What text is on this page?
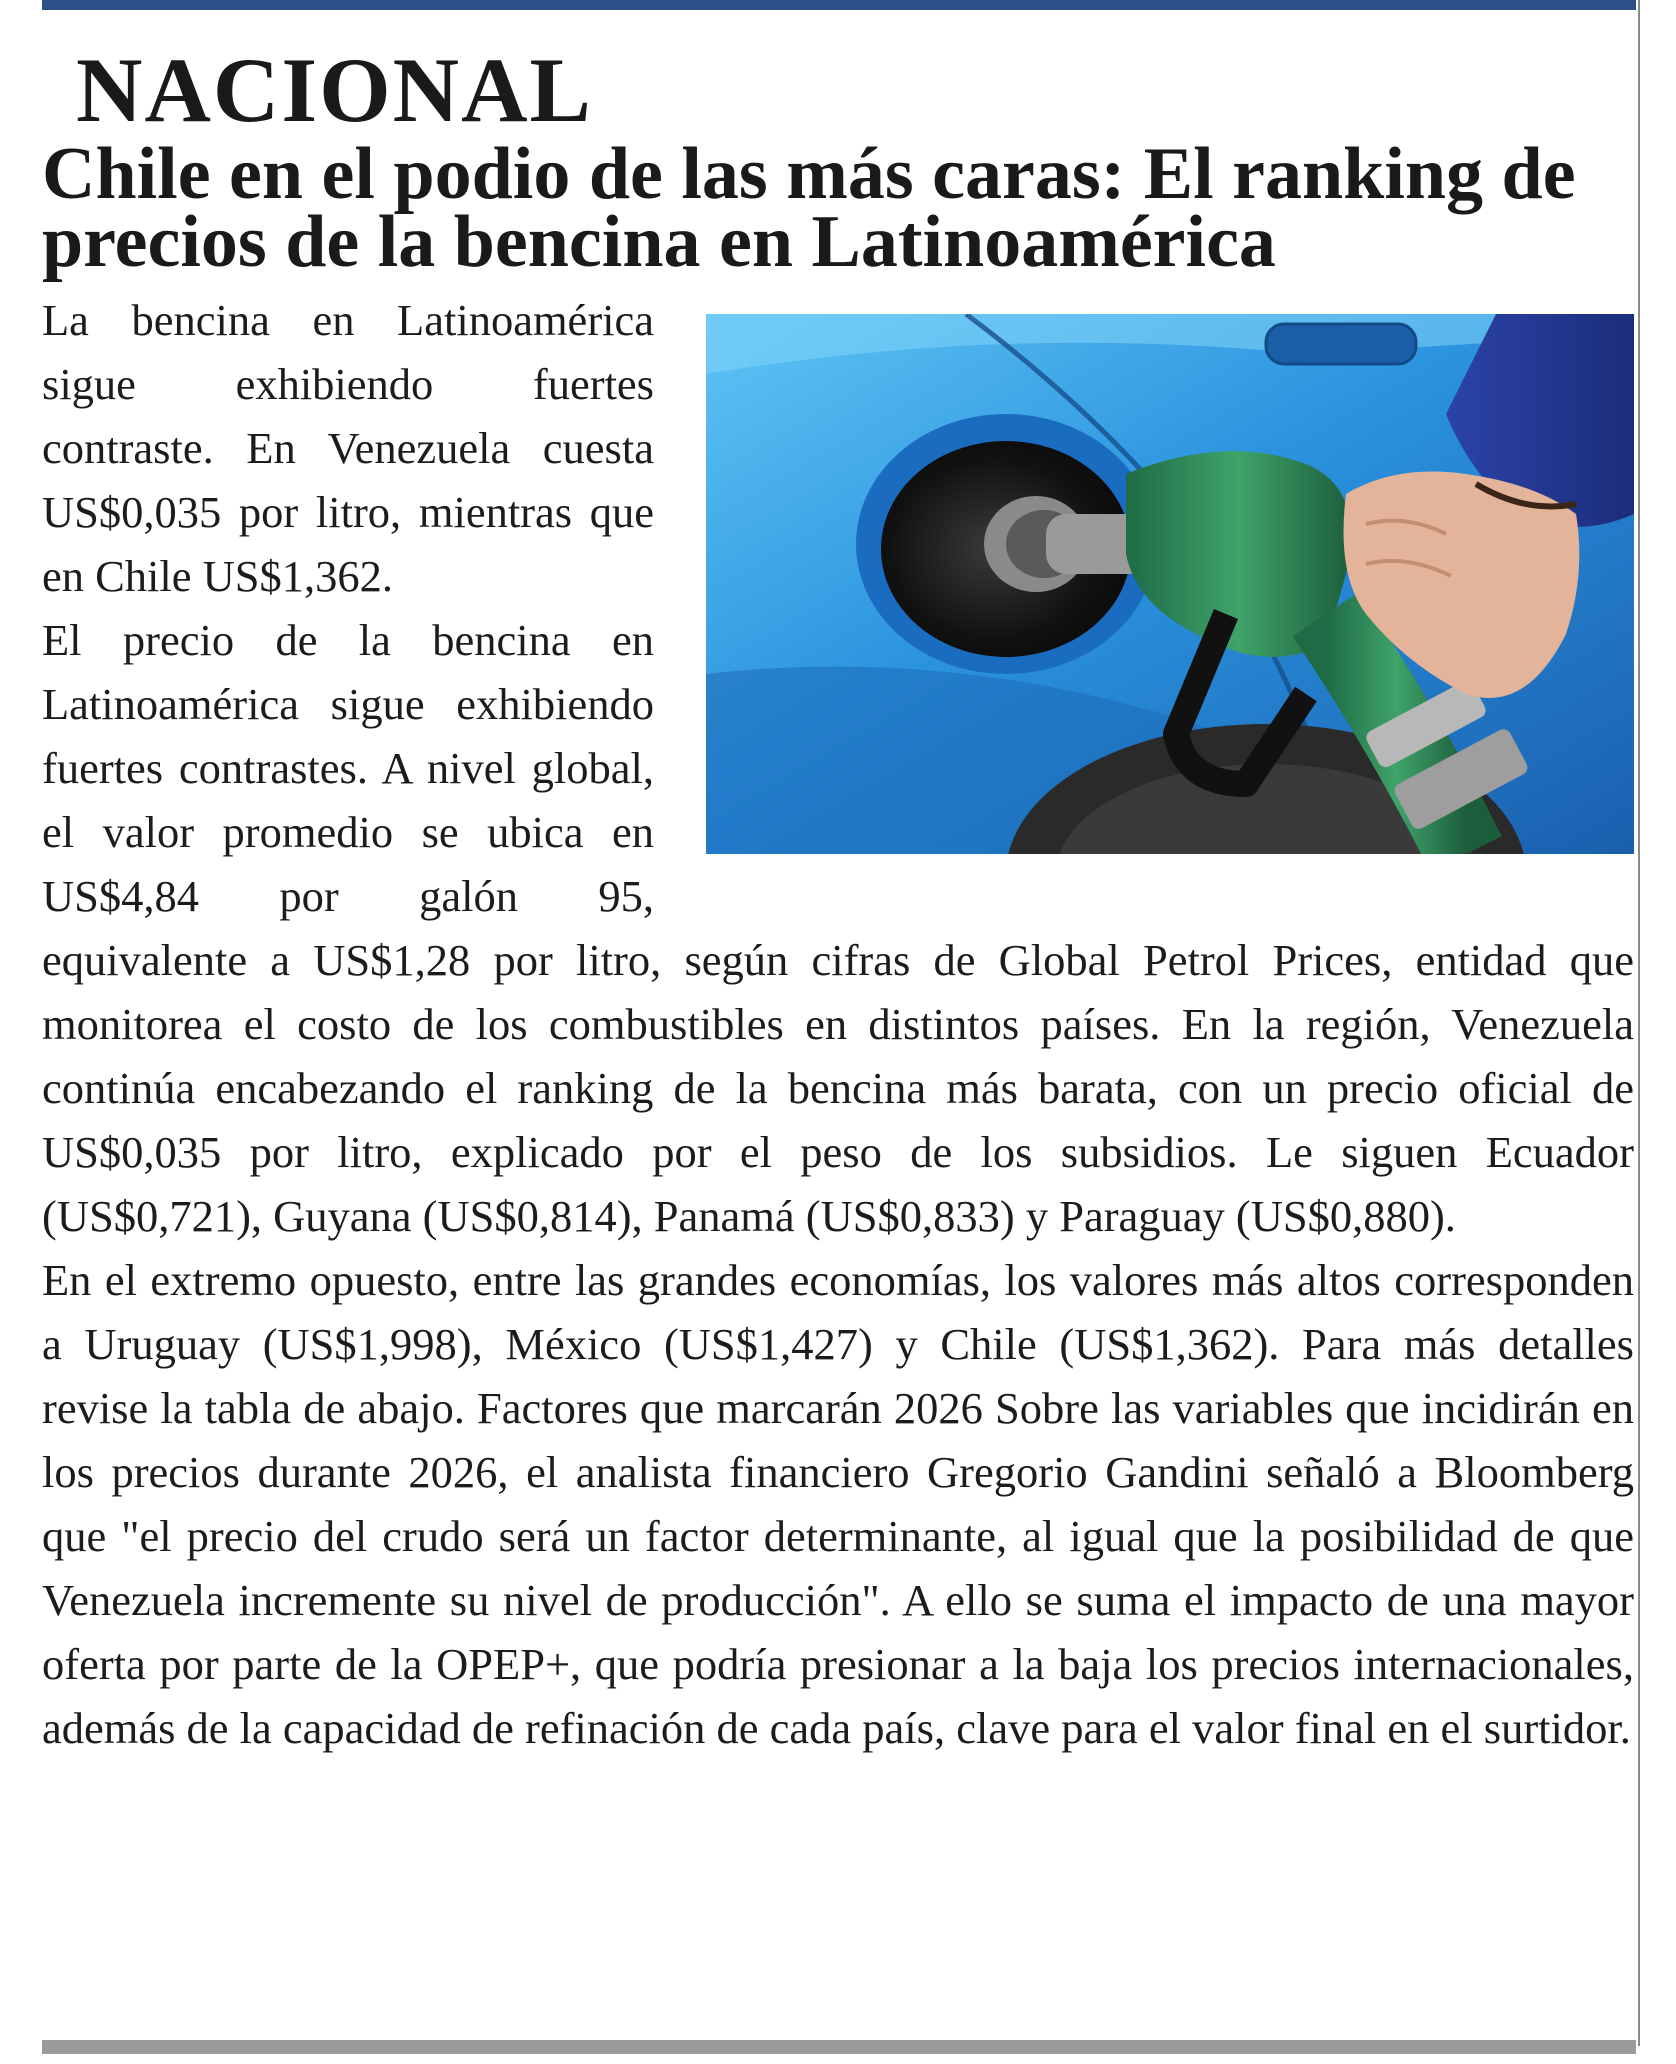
NACIONAL
Chile en el podio de las más caras: El ranking de precios de la bencina en Latinoamérica

La bencina en Latinoamérica sigue exhibiendo fuertes contraste. En Venezuela cuesta US$0,035 por litro, mientras que en Chile US$1,362.

El precio de la bencina en Latinoamérica sigue exhibiendo fuertes contrastes. A nivel global, el valor promedio se ubica en US$4,84 por galón 95, equivalente a US$1,28 por litro, según cifras de Global Petrol Prices, entidad que monitorea el costo de los combustibles en distintos países. En la región, Venezuela continúa encabezando el ranking de la bencina más barata, con un precio oficial de US$0,035 por litro, explicado por el peso de los subsidios. Le siguen Ecuador (US$0,721), Guyana (US$0,814), Panamá (US$0,833) y Paraguay (US$0,880).

En el extremo opuesto, entre las grandes economías, los valores más altos corresponden a Uruguay (US$1,998), México (US$1,427) y Chile (US$1,362). Para más detalles revise la tabla de abajo. Factores que marcarán 2026 Sobre las variables que incidirán en los precios durante 2026, el analista financiero Gregorio Gandini señaló a Bloomberg que "el precio del crudo será un factor determinante, al igual que la posibilidad de que Venezuela incremente su nivel de producción". A ello se suma el impacto de una mayor oferta por parte de la OPEP+, que podría presionar a la baja los precios internacionales, además de la capacidad de refinación de cada país, clave para el valor final en el surtidor.
